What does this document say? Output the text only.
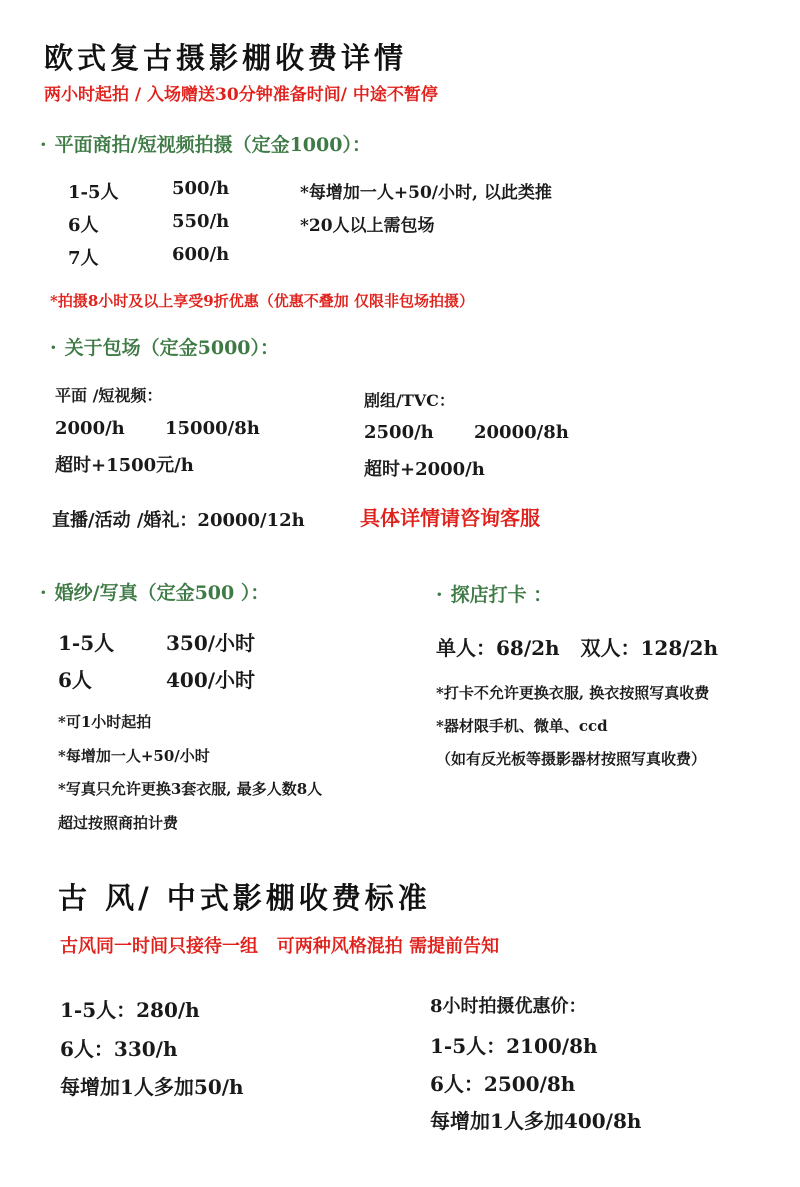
欧式复古摄影棚收费详情
两小时起拍 / 入场赠送30分钟准备时间/ 中途不暂停
· 平面商拍/短视频拍摄（定金1000）：
1-5人	500/h	*每增加一人+50/小时, 以此类推
6人	550/h	*20人以上需包场
7人	600/h
*拍摄8小时及以上享受9折优惠（优惠不叠加 仅限非包场拍摄）
· 关于包场（定金5000）：
平面 /短视频：
2000/h 15000/8h
超时+1500元/h
剧组/TVC：
2500/h 20000/8h
超时+2000/h
直播/活动 /婚礼：20000/12h	具体详情请咨询客服
· 婚纱/写真（定金500 ）：
1-5人	350/小时
6人	400/小时
*可1小时起拍
*每增加一人+50/小时
*写真只允许更换3套衣服, 最多人数8人
超过按照商拍计费
· 探店打卡 ：
单人：68/2h   双人：128/2h
*打卡不允许更换衣服, 换衣按照写真收费
*器材限手机、微单、ccd
（如有反光板等摄影器材按照写真收费）
古 风/ 中式影棚收费标准
古风同一时间只接待一组   可两种风格混拍 需提前告知
1-5人：280/h
6人：330/h
每增加1人多加50/h
8小时拍摄优惠价：
1-5人：2100/8h
6人：2500/8h
每增加1人多加400/8h
